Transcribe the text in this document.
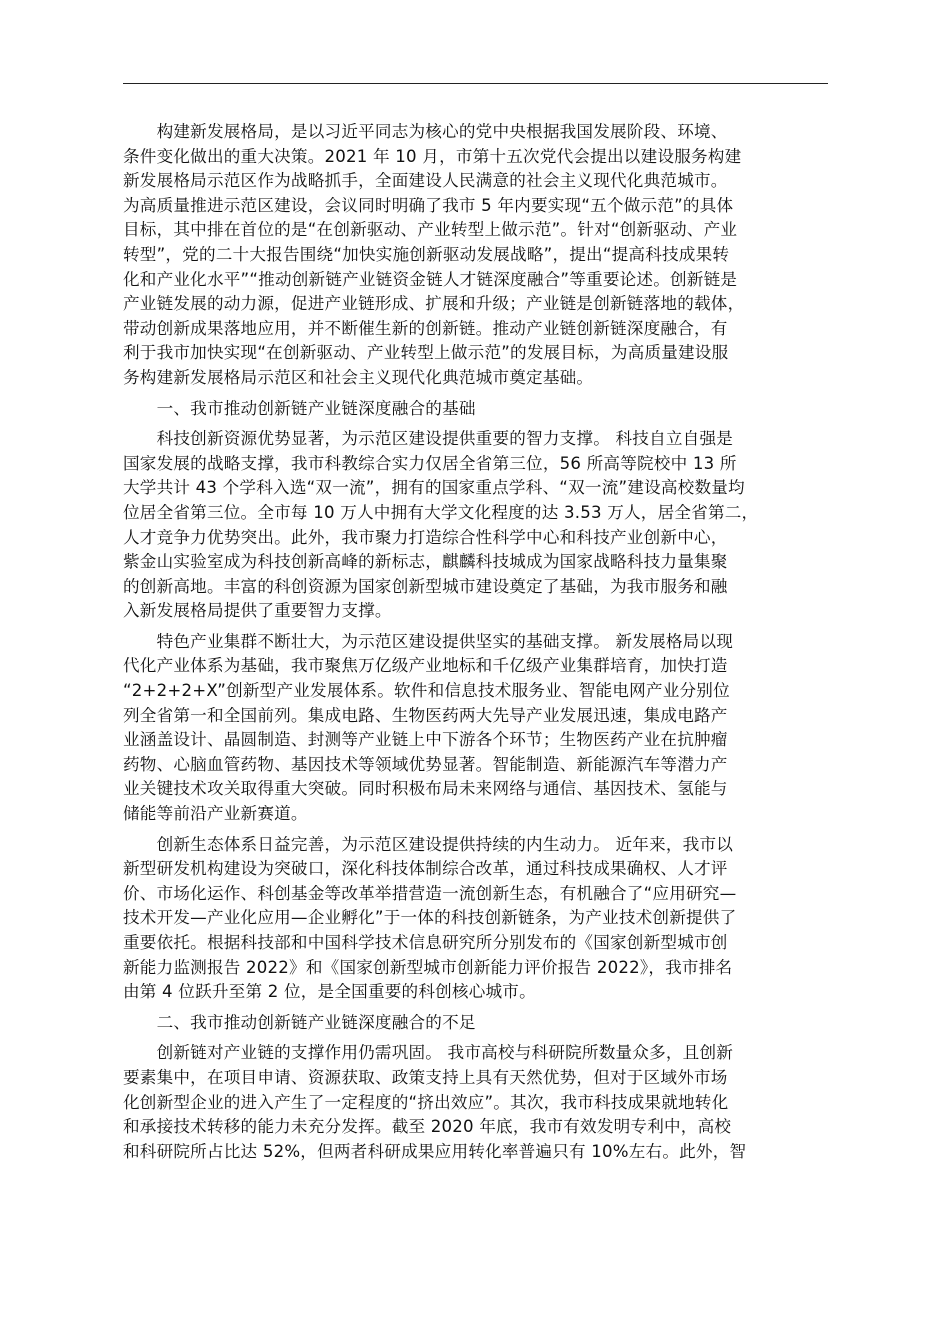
　　构建新发展格局，是以习近平同志为核心的党中央根据我国发展阶段、环境、
条件变化做出的重大决策。2021 年 10 月，市第十五次党代会提出以建设服务构建
新发展格局示范区作为战略抓手，全面建设人民满意的社会主义现代化典范城市。
为高质量推进示范区建设，会议同时明确了我市 5 年内要实现“五个做示范”的具体
目标，其中排在首位的是“在创新驱动、产业转型上做示范”。针对“创新驱动、产业
转型”，党的二十大报告围绕“加快实施创新驱动发展战略”，提出“提高科技成果转
化和产业化水平”“推动创新链产业链资金链人才链深度融合”等重要论述。创新链是
产业链发展的动力源，促进产业链形成、扩展和升级；产业链是创新链落地的载体，
带动创新成果落地应用，并不断催生新的创新链。推动产业链创新链深度融合，有
利于我市加快实现“在创新驱动、产业转型上做示范”的发展目标，为高质量建设服
务构建新发展格局示范区和社会主义现代化典范城市奠定基础。
　　一、我市推动创新链产业链深度融合的基础
　　科技创新资源优势显著，为示范区建设提供重要的智力支撑。 科技自立自强是
国家发展的战略支撑，我市科教综合实力仅居全省第三位，56 所高等院校中 13 所
大学共计 43 个学科入选“双一流”，拥有的国家重点学科、“双一流”建设高校数量均
位居全省第三位。全市每 10 万人中拥有大学文化程度的达 3.53 万人，居全省第二，
人才竞争力优势突出。此外，我市聚力打造综合性科学中心和科技产业创新中心，
紫金山实验室成为科技创新高峰的新标志，麒麟科技城成为国家战略科技力量集聚
的创新高地。丰富的科创资源为国家创新型城市建设奠定了基础，为我市服务和融
入新发展格局提供了重要智力支撑。
　　特色产业集群不断壮大，为示范区建设提供坚实的基础支撑。 新发展格局以现
代化产业体系为基础，我市聚焦万亿级产业地标和千亿级产业集群培育，加快打造
“2+2+2+X”创新型产业发展体系。软件和信息技术服务业、智能电网产业分别位
列全省第一和全国前列。集成电路、生物医药两大先导产业发展迅速，集成电路产
业涵盖设计、晶圆制造、封测等产业链上中下游各个环节；生物医药产业在抗肿瘤
药物、心脑血管药物、基因技术等领域优势显著。智能制造、新能源汽车等潜力产
业关键技术攻关取得重大突破。同时积极布局未来网络与通信、基因技术、氢能与
储能等前沿产业新赛道。
　　创新生态体系日益完善，为示范区建设提供持续的内生动力。 近年来，我市以
新型研发机构建设为突破口，深化科技体制综合改革，通过科技成果确权、人才评
价、市场化运作、科创基金等改革举措营造一流创新生态，有机融合了“应用研究—
技术开发—产业化应用—企业孵化”于一体的科技创新链条，为产业技术创新提供了
重要依托。根据科技部和中国科学技术信息研究所分别发布的《国家创新型城市创
新能力监测报告 2022》和《国家创新型城市创新能力评价报告 2022》，我市排名
由第 4 位跃升至第 2 位，是全国重要的科创核心城市。
　　二、我市推动创新链产业链深度融合的不足
　　创新链对产业链的支撑作用仍需巩固。 我市高校与科研院所数量众多，且创新
要素集中，在项目申请、资源获取、政策支持上具有天然优势，但对于区域外市场
化创新型企业的进入产生了一定程度的“挤出效应”。其次，我市科技成果就地转化
和承接技术转移的能力未充分发挥。截至 2020 年底，我市有效发明专利中，高校
和科研院所占比达 52%，但两者科研成果应用转化率普遍只有 10%左右。此外，智
